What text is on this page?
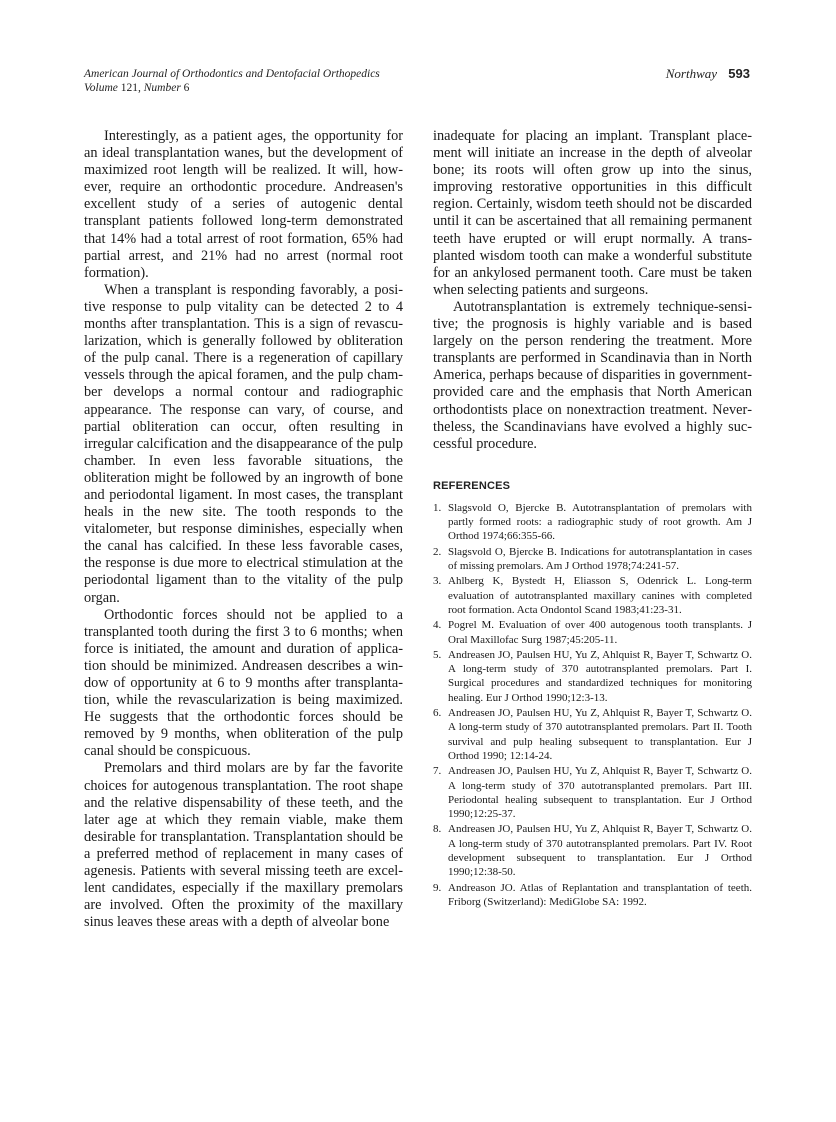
American Journal of Orthodontics and Dentofacial Orthopedics
Volume 121, Number 6
Northway 593

Interestingly, as a patient ages, the opportunity for an ideal transplantation wanes, but the development of maximized root length will be realized. It will, however, require an orthodontic procedure. Andreasen's excellent study of a series of autogenic dental transplant patients followed long-term demonstrated that 14% had a total arrest of root formation, 65% had partial arrest, and 21% had no arrest (normal root formation).

When a transplant is responding favorably, a positive response to pulp vitality can be detected 2 to 4 months after transplantation. This is a sign of revascularization, which is generally followed by obliteration of the pulp canal. There is a regeneration of capillary vessels through the apical foramen, and the pulp chamber develops a normal contour and radiographic appearance. The response can vary, of course, and partial obliteration can occur, often resulting in irregular calcification and the disappearance of the pulp chamber. In even less favorable situations, the obliteration might be followed by an ingrowth of bone and periodontal ligament. In most cases, the transplant heals in the new site. The tooth responds to the vitalometer, but response diminishes, especially when the canal has calcified. In these less favorable cases, the response is due more to electrical stimulation at the periodontal ligament than to the vitality of the pulp organ.

Orthodontic forces should not be applied to a transplanted tooth during the first 3 to 6 months; when force is initiated, the amount and duration of application should be minimized. Andreasen describes a window of opportunity at 6 to 9 months after transplantation, while the revascularization is being maximized. He suggests that the orthodontic forces should be removed by 9 months, when obliteration of the pulp canal should be conspicuous.

Premolars and third molars are by far the favorite choices for autogenous transplantation. The root shape and the relative dispensability of these teeth, and the later age at which they remain viable, make them desirable for transplantation. Transplantation should be a preferred method of replacement in many cases of agenesis. Patients with several missing teeth are excellent candidates, especially if the maxillary premolars are involved. Often the proximity of the maxillary sinus leaves these areas with a depth of alveolar bone

inadequate for placing an implant. Transplant placement will initiate an increase in the depth of alveolar bone; its roots will often grow up into the sinus, improving restorative opportunities in this difficult region. Certainly, wisdom teeth should not be discarded until it can be ascertained that all remaining permanent teeth have erupted or will erupt normally. A transplanted wisdom tooth can make a wonderful substitute for an ankylosed permanent tooth. Care must be taken when selecting patients and surgeons.

Autotransplantation is extremely technique-sensitive; the prognosis is highly variable and is based largely on the person rendering the treatment. More transplants are performed in Scandinavia than in North America, perhaps because of disparities in government-provided care and the emphasis that North American orthodontists place on nonextraction treatment. Nevertheless, the Scandinavians have evolved a highly successful procedure.

REFERENCES
1. Slagsvold O, Bjercke B. Autotransplantation of premolars with partly formed roots: a radiographic study of root growth. Am J Orthod 1974;66:355-66.
2. Slagsvold O, Bjercke B. Indications for autotransplantation in cases of missing premolars. Am J Orthod 1978;74:241-57.
3. Ahlberg K, Bystedt H, Eliasson S, Odenrick L. Long-term evaluation of autotransplanted maxillary canines with completed root formation. Acta Ondontol Scand 1983;41:23-31.
4. Pogrel M. Evaluation of over 400 autogenous tooth transplants. J Oral Maxillofac Surg 1987;45:205-11.
5. Andreasen JO, Paulsen HU, Yu Z, Ahlquist R, Bayer T, Schwartz O. A long-term study of 370 autotransplanted premolars. Part I. Surgical procedures and standardized techniques for monitoring healing. Eur J Orthod 1990;12:3-13.
6. Andreasen JO, Paulsen HU, Yu Z, Ahlquist R, Bayer T, Schwartz O. A long-term study of 370 autotransplanted premolars. Part II. Tooth survival and pulp healing subsequent to transplantation. Eur J Orthod 1990; 12:14-24.
7. Andreasen JO, Paulsen HU, Yu Z, Ahlquist R, Bayer T, Schwartz O. A long-term study of 370 autotransplanted premolars. Part III. Periodontal healing subsequent to transplantation. Eur J Orthod 1990;12:25-37.
8. Andreasen JO, Paulsen HU, Yu Z, Ahlquist R, Bayer T, Schwartz O. A long-term study of 370 autotransplanted premolars. Part IV. Root development subsequent to transplantation. Eur J Orthod 1990;12:38-50.
9. Andreason JO. Atlas of Replantation and transplantation of teeth. Friborg (Switzerland): MediGlobe SA: 1992.
